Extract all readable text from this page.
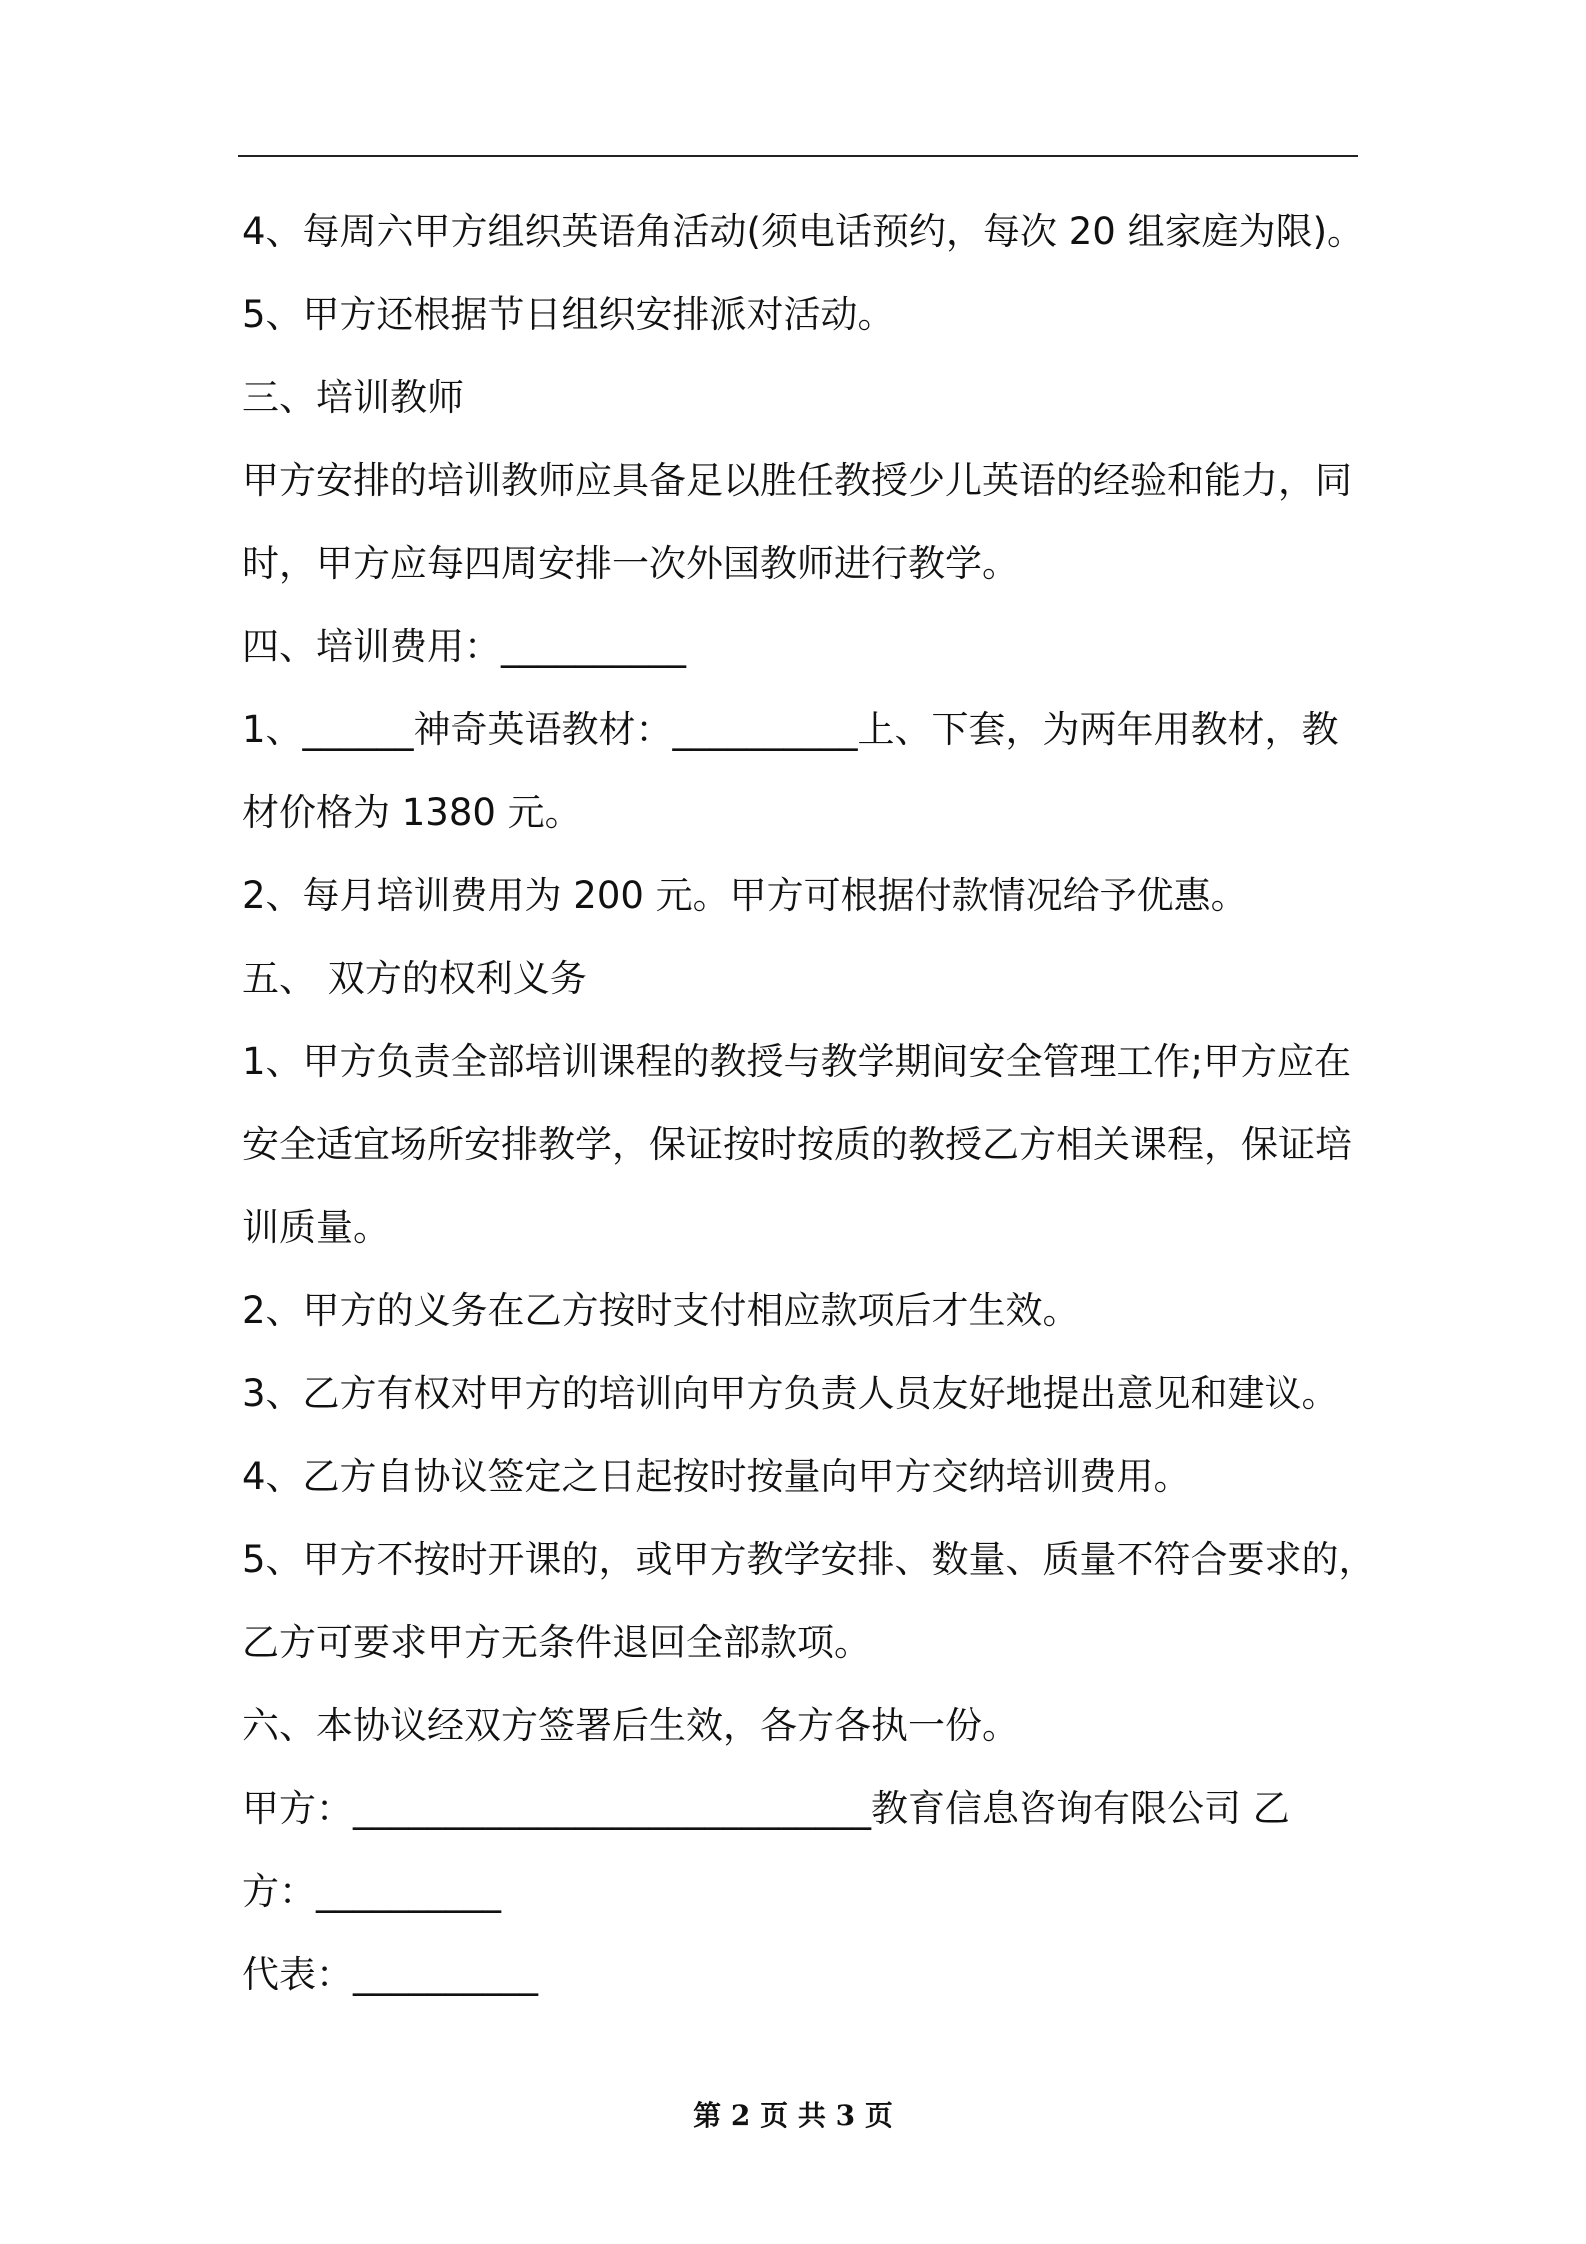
4、每周六甲方组织英语角活动(须电话预约，每次 20 组家庭为限)。

5、甲方还根据节日组织安排派对活动。

三、培训教师

甲方安排的培训教师应具备足以胜任教授少儿英语的经验和能力，同

时，甲方应每四周安排一次外国教师进行教学。

四、培训费用：__________

1、______神奇英语教材：__________上、下套，为两年用教材，教

材价格为 1380 元。

2、每月培训费用为 200 元。甲方可根据付款情况给予优惠。

五、 双方的权利义务

1、甲方负责全部培训课程的教授与教学期间安全管理工作;甲方应在

安全适宜场所安排教学，保证按时按质的教授乙方相关课程，保证培

训质量。

2、甲方的义务在乙方按时支付相应款项后才生效。

3、乙方有权对甲方的培训向甲方负责人员友好地提出意见和建议。

4、乙方自协议签定之日起按时按量向甲方交纳培训费用。

5、甲方不按时开课的，或甲方教学安排、数量、质量不符合要求的，

乙方可要求甲方无条件退回全部款项。

六、本协议经双方签署后生效，各方各执一份。

甲方：____________________________教育信息咨询有限公司 乙

方：__________

代表：__________

第 2 页 共 3 页
